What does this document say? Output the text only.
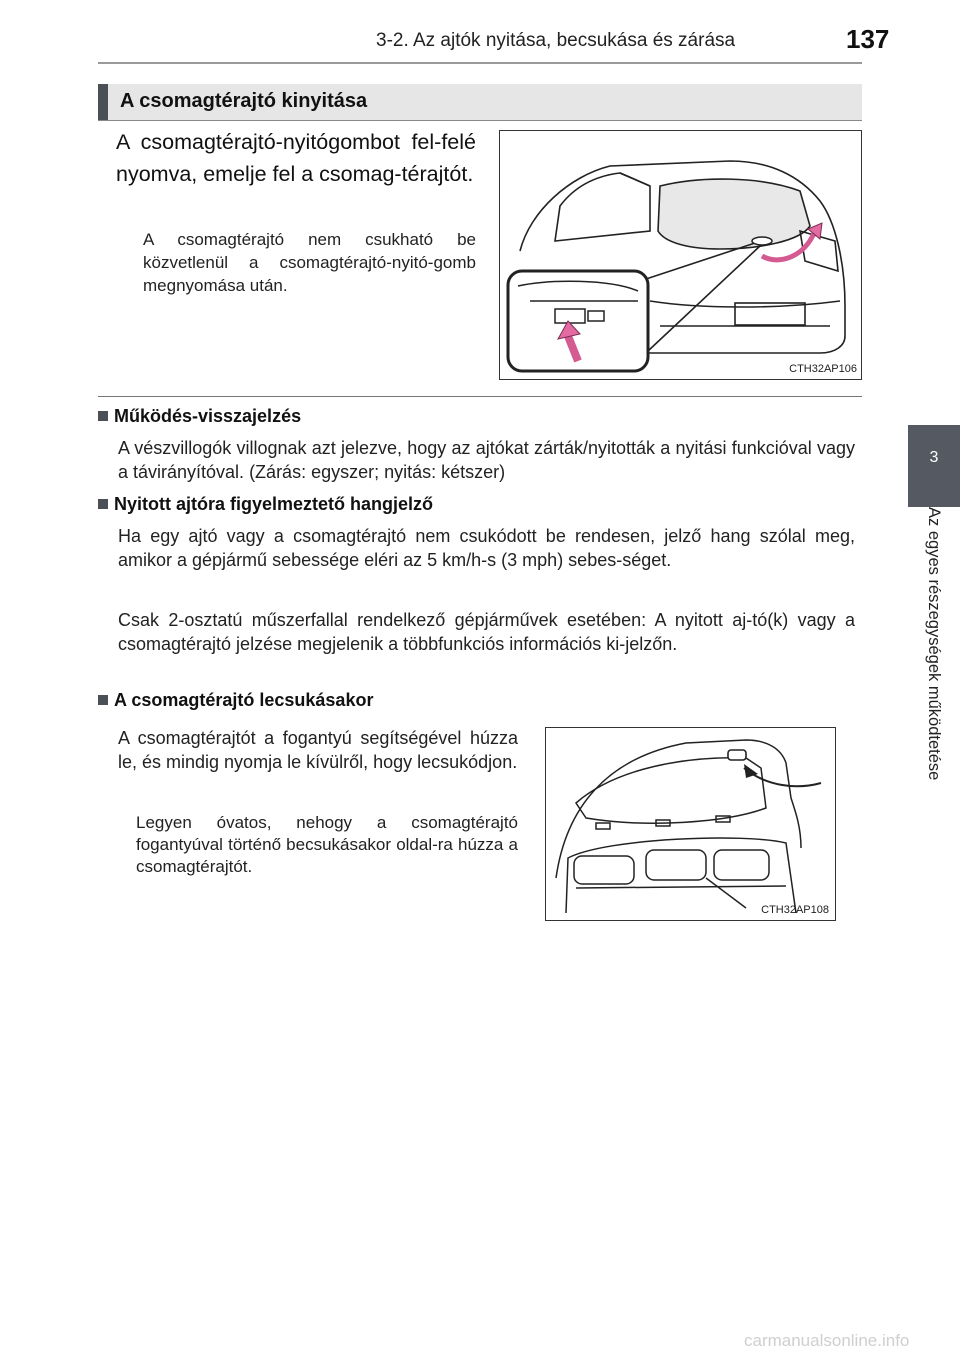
3-2. Az ajtók nyitása, becsukása és zárása	137
3
Az egyes részegységek működtetése
A csomagtérajtó kinyitása
A csomagtérajtó-nyitógombot fel-felé nyomva, emelje fel a csomag-térajtót.
A csomagtérajtó nem csukható be közvetlenül a csomagtérajtó-nyitó-gomb megnyomása után.
CTH32AP106
Működés-visszajelzés
A vészvillogók villognak azt jelezve, hogy az ajtókat zárták/nyitották a nyitási funkcióval vagy a távirányítóval. (Zárás: egyszer; nyitás: kétszer)
Nyitott ajtóra figyelmeztető hangjelző
Ha egy ajtó vagy a csomagtérajtó nem csukódott be rendesen, jelző hang szólal meg, amikor a gépjármű sebessége eléri az 5 km/h-s (3 mph) sebes-séget.
Csak 2-osztatú műszerfallal rendelkező gépjárművek esetében: A nyitott aj-tó(k) vagy a csomagtérajtó jelzése megjelenik a többfunkciós információs ki-jelzőn.
A csomagtérajtó lecsukásakor
A csomagtérajtót a fogantyú segítségével húzza le, és mindig nyomja le kívülről, hogy lecsukódjon.
Legyen óvatos, nehogy a csomagtérajtó fogantyúval történő becsukásakor oldal-ra húzza a csomagtérajtót.
CTH32AP108
carmanualsonline.info
